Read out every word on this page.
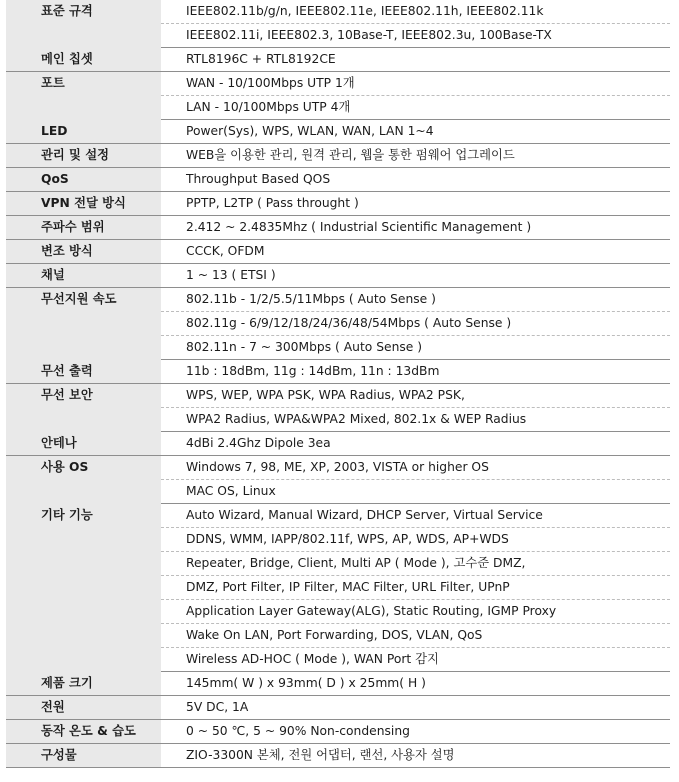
표준 규격	IEEE802.11b/g/n, IEEE802.11e, IEEE802.11h, IEEE802.11k
	IEEE802.11i, IEEE802.3, 10Base-T, IEEE802.3u, 100Base-TX
메인 칩셋	RTL8196C + RTL8192CE
포트	WAN - 10/100Mbps UTP 1개
	LAN - 10/100Mbps UTP 4개
LED	Power(Sys), WPS, WLAN, WAN, LAN 1~4
관리 및 설정	WEB을 이용한 관리, 원격 관리, 웹을 통한 펌웨어 업그레이드
QoS	Throughput Based QOS
VPN 전달 방식	PPTP, L2TP ( Pass throught )
주파수 범위	2.412 ~ 2.4835Mhz ( Industrial Scientific Management )
변조 방식	CCCK, OFDM
채널	1 ~ 13 ( ETSI )
무선지원 속도	802.11b - 1/2/5.5/11Mbps ( Auto Sense )
	802.11g - 6/9/12/18/24/36/48/54Mbps ( Auto Sense )
	802.11n - 7 ~ 300Mbps ( Auto Sense )
무선 출력	11b : 18dBm, 11g : 14dBm, 11n : 13dBm
무선 보안	WPS, WEP, WPA PSK, WPA Radius, WPA2 PSK,
	WPA2 Radius, WPA&WPA2 Mixed, 802.1x & WEP Radius
안테나	4dBi 2.4Ghz Dipole 3ea
사용 OS	Windows 7, 98, ME, XP, 2003, VISTA or higher OS
	MAC OS, Linux
기타 기능	Auto Wizard, Manual Wizard, DHCP Server, Virtual Service
	DDNS, WMM, IAPP/802.11f, WPS, AP, WDS, AP+WDS
	Repeater, Bridge, Client, Multi AP ( Mode ), 고수준 DMZ,
	DMZ, Port Filter, IP Filter, MAC Filter, URL Filter, UPnP
	Application Layer Gateway(ALG), Static Routing, IGMP Proxy
	Wake On LAN, Port Forwarding, DOS, VLAN, QoS
	Wireless AD-HOC ( Mode ), WAN Port 감지
제품 크기	145mm( W ) x 93mm( D ) x 25mm( H )
전원	5V DC, 1A
동작 온도 & 습도	0 ~ 50 ℃, 5 ~ 90% Non-condensing
구성물	ZIO-3300N 본체, 전원 어댑터, 랜선, 사용자 설명
